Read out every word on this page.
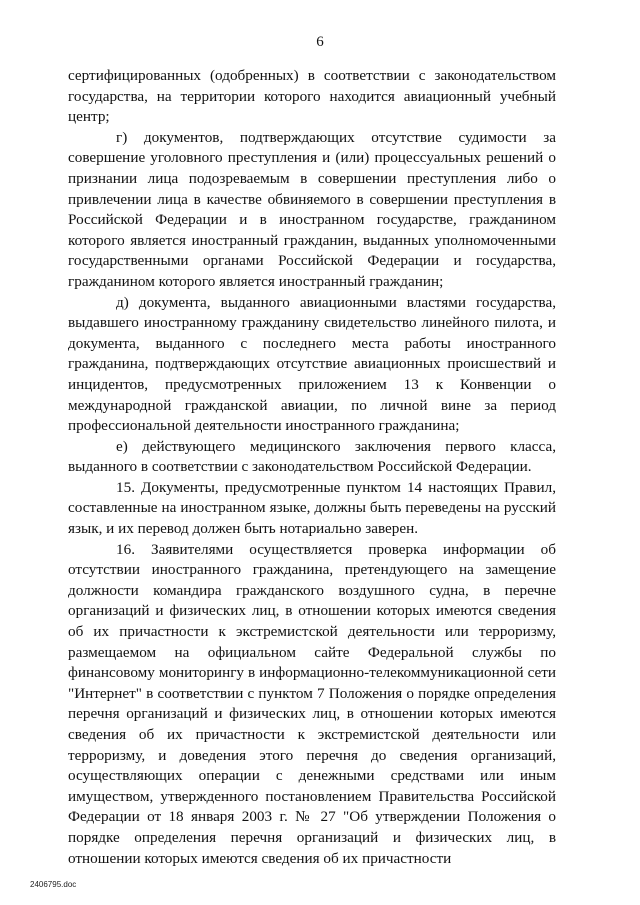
6

сертифицированных (одобренных) в соответствии с законодательством государства, на территории которого находится авиационный учебный центр;

г) документов, подтверждающих отсутствие судимости за совершение уголовного преступления и (или) процессуальных решений о признании лица подозреваемым в совершении преступления либо о привлечении лица в качестве обвиняемого в совершении преступления в Российской Федерации и в иностранном государстве, гражданином которого является иностранный гражданин, выданных уполномоченными государственными органами Российской Федерации и государства, гражданином которого является иностранный гражданин;

д) документа, выданного авиационными властями государства, выдавшего иностранному гражданину свидетельство линейного пилота, и документа, выданного с последнего места работы иностранного гражданина, подтверждающих отсутствие авиационных происшествий и инцидентов, предусмотренных приложением 13 к Конвенции о международной гражданской авиации, по личной вине за период профессиональной деятельности иностранного гражданина;

е) действующего медицинского заключения первого класса, выданного в соответствии с законодательством Российской Федерации.

15. Документы, предусмотренные пунктом 14 настоящих Правил, составленные на иностранном языке, должны быть переведены на русский язык, и их перевод должен быть нотариально заверен.

16. Заявителями осуществляется проверка информации об отсутствии иностранного гражданина, претендующего на замещение должности командира гражданского воздушного судна, в перечне организаций и физических лиц, в отношении которых имеются сведения об их причастности к экстремистской деятельности или терроризму, размещаемом на официальном сайте Федеральной службы по финансовому мониторингу в информационно-телекоммуникационной сети "Интернет" в соответствии с пунктом 7 Положения о порядке определения перечня организаций и физических лиц, в отношении которых имеются сведения об их причастности к экстремистской деятельности или терроризму, и доведения этого перечня до сведения организаций, осуществляющих операции с денежными средствами или иным имуществом, утвержденного постановлением Правительства Российской Федерации от 18 января 2003 г. № 27 "Об утверждении Положения о порядке определения перечня организаций и физических лиц, в отношении которых имеются сведения об их причастности

2406795.doc
